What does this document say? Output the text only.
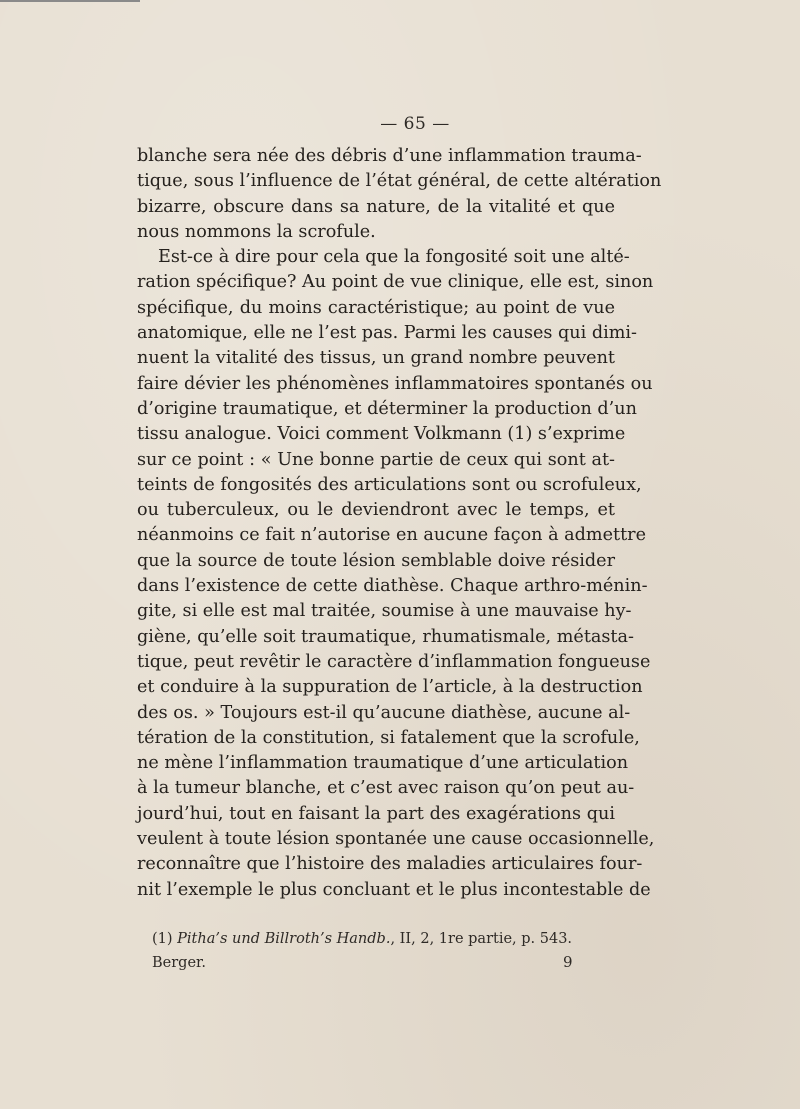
— 65 —
blanche sera née des débris d’une inflammation trauma-
tique, sous l’influence de l’état général, de cette altération
bizarre, obscure dans sa nature, de la vitalité et que
nous nommons la scrofule.
Est-ce à dire pour cela que la fongosité soit une alté-
ration spécifique? Au point de vue clinique, elle est, sinon
spécifique, du moins caractéristique; au point de vue
anatomique, elle ne l’est pas. Parmi les causes qui dimi-
nuent la vitalité des tissus, un grand nombre peuvent
faire dévier les phénomènes inflammatoires spontanés ou
d’origine traumatique, et déterminer la production d’un
tissu analogue. Voici comment Volkmann (1) s’exprime
sur ce point : « Une bonne partie de ceux qui sont at-
teints de fongosités des articulations sont ou scrofuleux,
ou tuberculeux, ou le deviendront avec le temps, et
néanmoins ce fait n’autorise en aucune façon à admettre
que la source de toute lésion semblable doive résider
dans l’existence de cette diathèse. Chaque arthro-ménin-
gite, si elle est mal traitée, soumise à une mauvaise hy-
giène, qu’elle soit traumatique, rhumatismale, métasta-
tique, peut revêtir le caractère d’inflammation fongueuse
et conduire à la suppuration de l’article, à la destruction
des os. » Toujours est-il qu’aucune diathèse, aucune al-
tération de la constitution, si fatalement que la scrofule,
ne mène l’inflammation traumatique d’une articulation
à la tumeur blanche, et c’est avec raison qu’on peut au-
jourd’hui, tout en faisant la part des exagérations qui
veulent à toute lésion spontanée une cause occasionnelle,
reconnaître que l’histoire des maladies articulaires four-
nit l’exemple le plus concluant et le plus incontestable de
(1) Pitha’s und Billroth’s Handb., II, 2, 1re partie, p. 543.
Berger.	9
